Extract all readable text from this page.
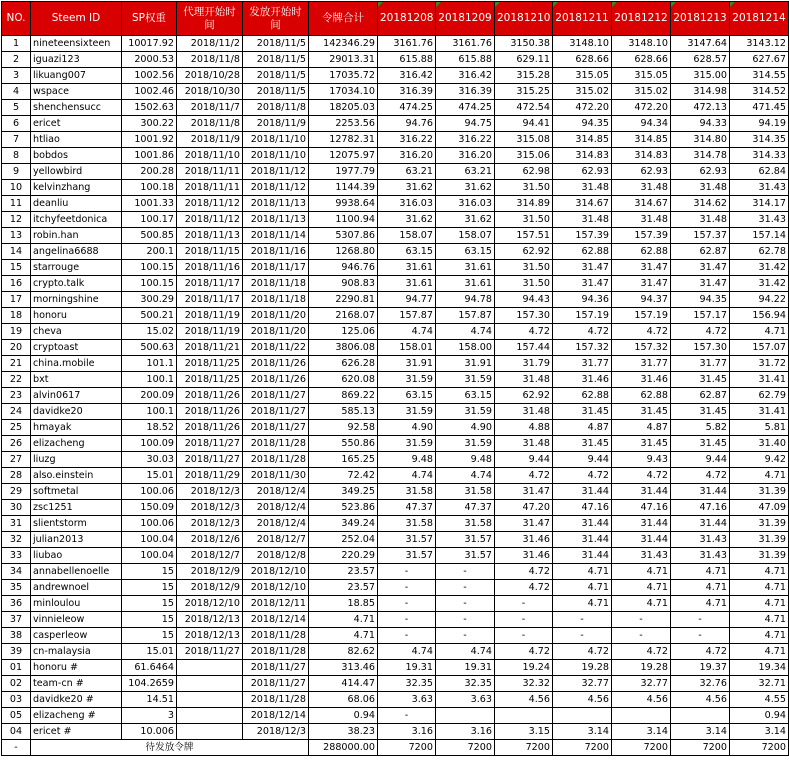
NO.	Steem ID	SP权重	代理开始时间	发放开始时间	令牌合计	20181208	20181209	20181210	20181211	20181212	20181213	20181214
1	nineteensixteen	10017.92	2018/11/2	2018/11/5	142346.29	3161.76	3161.76	3150.38	3148.10	3148.10	3147.64	3143.12
2	iguazi123	2000.53	2018/11/8	2018/11/5	29013.31	615.88	615.88	629.11	628.66	628.66	628.57	627.67
3	likuang007	1002.56	2018/10/28	2018/11/5	17035.72	316.42	316.42	315.28	315.05	315.05	315.00	314.55
4	wspace	1002.46	2018/10/30	2018/11/5	17034.10	316.39	316.39	315.25	315.02	315.02	314.98	314.52
5	shenchensucc	1502.63	2018/11/7	2018/11/8	18205.03	474.25	474.25	472.54	472.20	472.20	472.13	471.45
6	ericet	300.22	2018/11/8	2018/11/9	2253.56	94.76	94.75	94.41	94.35	94.34	94.33	94.19
7	htliao	1001.92	2018/11/9	2018/11/10	12782.31	316.22	316.22	315.08	314.85	314.85	314.80	314.35
8	bobdos	1001.86	2018/11/10	2018/11/10	12075.97	316.20	316.20	315.06	314.83	314.83	314.78	314.33
9	yellowbird	200.28	2018/11/11	2018/11/12	1977.79	63.21	63.21	62.98	62.93	62.93	62.93	62.84
10	kelvinzhang	100.18	2018/11/11	2018/11/12	1144.39	31.62	31.62	31.50	31.48	31.48	31.48	31.43
11	deanliu	1001.33	2018/11/12	2018/11/13	9938.64	316.03	316.03	314.89	314.67	314.67	314.62	314.17
12	itchyfeetdonica	100.17	2018/11/12	2018/11/13	1100.94	31.62	31.62	31.50	31.48	31.48	31.48	31.43
13	robin.han	500.85	2018/11/13	2018/11/14	5307.86	158.07	158.07	157.51	157.39	157.39	157.37	157.14
14	angelina6688	200.1	2018/11/15	2018/11/16	1268.80	63.15	63.15	62.92	62.88	62.88	62.87	62.78
15	starrouge	100.15	2018/11/16	2018/11/17	946.76	31.61	31.61	31.50	31.47	31.47	31.47	31.42
16	crypto.talk	100.15	2018/11/17	2018/11/18	908.83	31.61	31.61	31.50	31.47	31.47	31.47	31.42
17	morningshine	300.29	2018/11/17	2018/11/18	2290.81	94.77	94.78	94.43	94.36	94.37	94.35	94.22
18	honoru	500.21	2018/11/19	2018/11/20	2168.07	157.87	157.87	157.30	157.19	157.19	157.17	156.94
19	cheva	15.02	2018/11/19	2018/11/20	125.06	4.74	4.74	4.72	4.72	4.72	4.72	4.71
20	cryptoast	500.63	2018/11/21	2018/11/22	3806.08	158.01	158.00	157.44	157.32	157.32	157.30	157.07
21	china.mobile	101.1	2018/11/25	2018/11/26	626.28	31.91	31.91	31.79	31.77	31.77	31.77	31.72
22	bxt	100.1	2018/11/25	2018/11/26	620.08	31.59	31.59	31.48	31.46	31.46	31.45	31.41
23	alvin0617	200.09	2018/11/26	2018/11/27	869.22	63.15	63.15	62.92	62.88	62.88	62.87	62.79
24	davidke20	100.1	2018/11/26	2018/11/27	585.13	31.59	31.59	31.48	31.45	31.45	31.45	31.41
25	hmayak	18.52	2018/11/26	2018/11/27	92.58	4.90	4.90	4.88	4.87	4.87	5.82	5.81
26	elizacheng	100.09	2018/11/27	2018/11/28	550.86	31.59	31.59	31.48	31.45	31.45	31.45	31.40
27	liuzg	30.03	2018/11/27	2018/11/28	165.25	9.48	9.48	9.44	9.44	9.43	9.44	9.42
28	also.einstein	15.01	2018/11/29	2018/11/30	72.42	4.74	4.74	4.72	4.72	4.72	4.72	4.71
29	softmetal	100.06	2018/12/3	2018/12/4	349.25	31.58	31.58	31.47	31.44	31.44	31.44	31.39
30	zsc1251	150.09	2018/12/3	2018/12/4	523.86	47.37	47.37	47.20	47.16	47.16	47.16	47.09
31	slientstorm	100.06	2018/12/3	2018/12/4	349.24	31.58	31.58	31.47	31.44	31.44	31.44	31.39
32	julian2013	100.04	2018/12/6	2018/12/7	252.04	31.57	31.57	31.46	31.44	31.44	31.43	31.39
33	liubao	100.04	2018/12/7	2018/12/8	220.29	31.57	31.57	31.46	31.44	31.43	31.43	31.39
34	annabellenoelle	15	2018/12/9	2018/12/10	23.57	-	-	4.72	4.71	4.71	4.71	4.71
35	andrewnoel	15	2018/12/9	2018/12/10	23.57	-	-	4.72	4.71	4.71	4.71	4.71
36	minloulou	15	2018/12/10	2018/12/11	18.85	-	-	-	4.71	4.71	4.71	4.71
37	vinnieleow	15	2018/12/13	2018/12/14	4.71	-	-	-	-	-	-	4.71
38	casperleow	15	2018/12/13	2018/11/28	4.71	-	-	-	-	-	-	4.71
39	cn-malaysia	15.01	2018/11/27	2018/11/28	82.62	4.74	4.74	4.72	4.72	4.72	4.72	4.71
01	honoru #	61.6464		2018/11/27	313.46	19.31	19.31	19.24	19.28	19.28	19.37	19.34
02	team-cn #	104.2659		2018/11/27	414.47	32.35	32.35	32.32	32.77	32.77	32.76	32.71
03	davidke20 #	14.51		2018/11/28	68.06	3.63	3.63	4.56	4.56	4.56	4.56	4.55
05	elizacheng #	3		2018/12/14	0.94	-						0.94
04	ericet #	10.006		2018/12/3	38.23	3.16	3.16	3.15	3.14	3.14	3.14	3.14
-	待发放令牌				288000.00	7200	7200	7200	7200	7200	7200	7200
